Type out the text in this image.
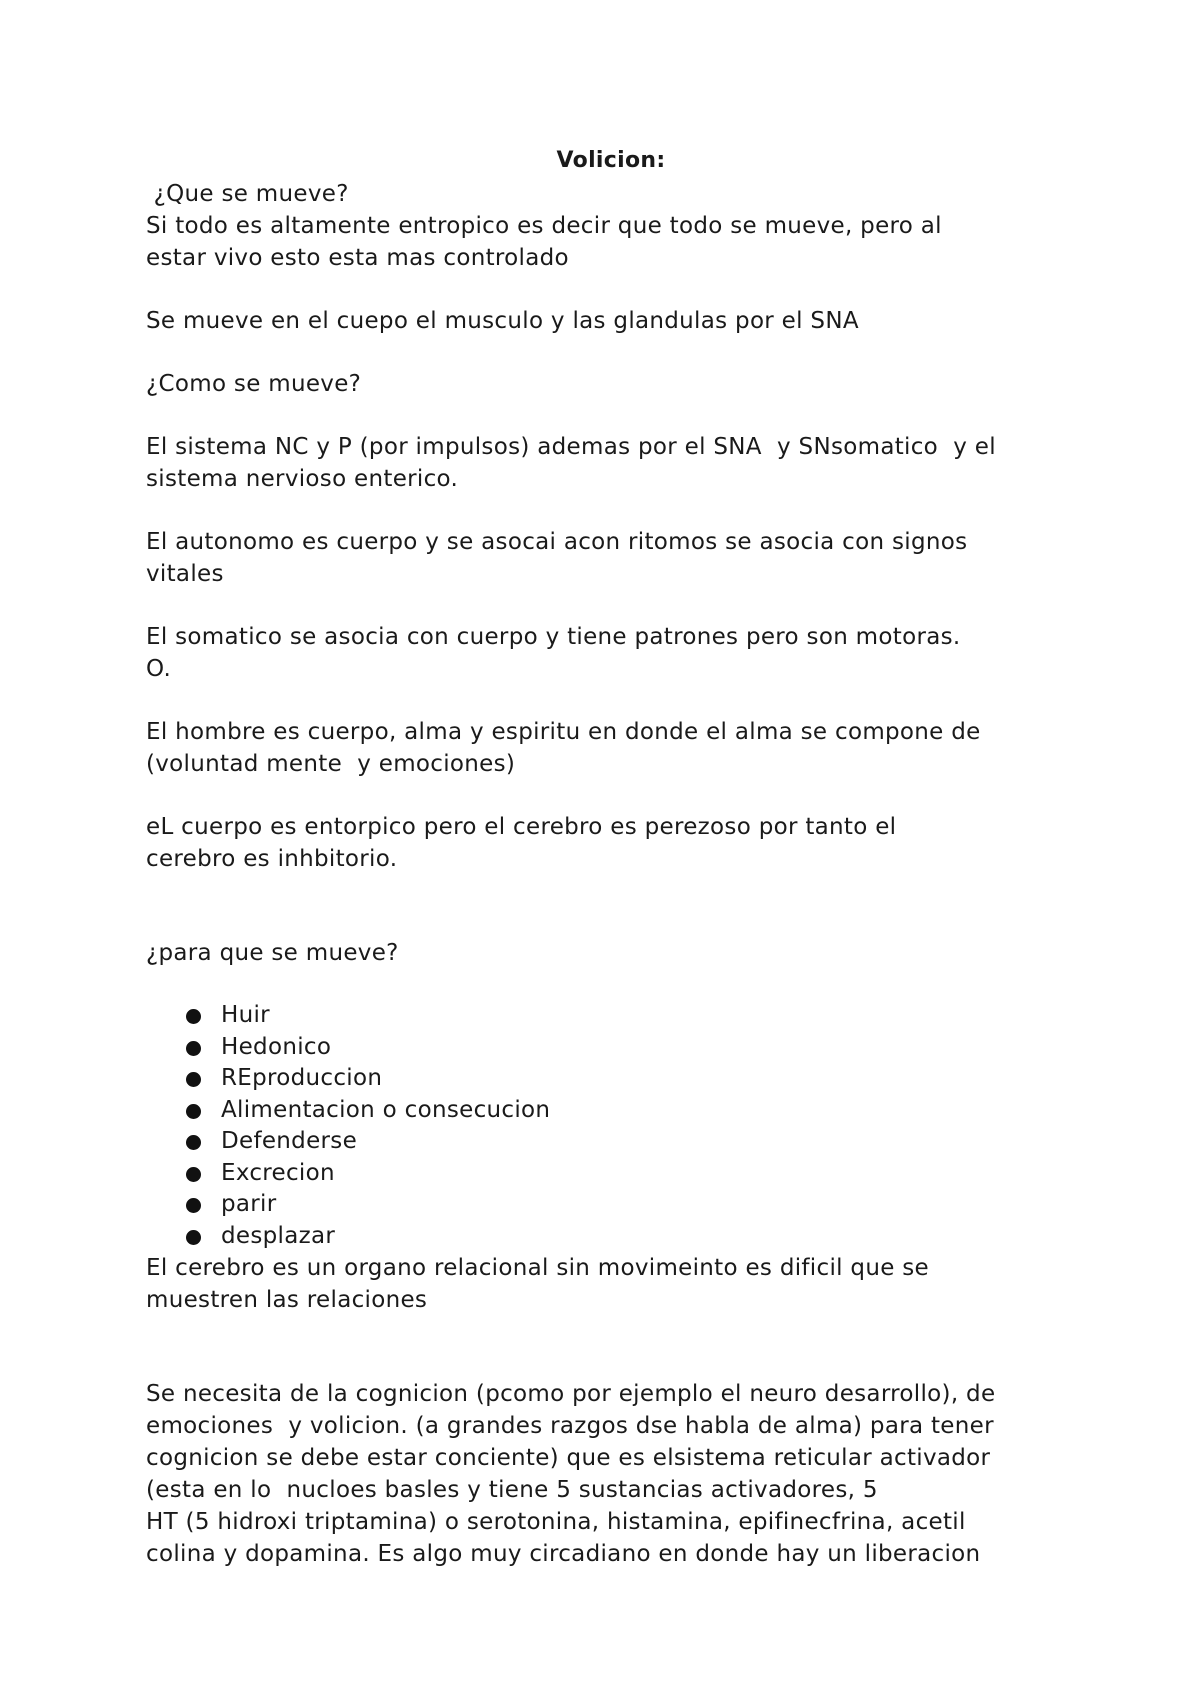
Volicion:
¿Que se mueve?
Si todo es altamente entropico es decir que todo se mueve, pero al
estar vivo esto esta mas controlado
Se mueve en el cuepo el musculo y las glandulas por el SNA
¿Como se mueve?
El sistema NC y P (por impulsos) ademas por el SNA  y SNsomatico  y el
sistema nervioso enterico.
El autonomo es cuerpo y se asocai acon ritomos se asocia con signos
vitales
El somatico se asocia con cuerpo y tiene patrones pero son motoras.
O.
El hombre es cuerpo, alma y espiritu en donde el alma se compone de
(voluntad mente  y emociones)
eL cuerpo es entorpico pero el cerebro es perezoso por tanto el
cerebro es inhbitorio.
¿para que se mueve?
Huir
Hedonico
REproduccion
Alimentacion o consecucion
Defenderse
Excrecion
parir
desplazar
El cerebro es un organo relacional sin movimeinto es dificil que se
muestren las relaciones
Se necesita de la cognicion (pcomo por ejemplo el neuro desarrollo), de
emociones  y volicion. (a grandes razgos dse habla de alma) para tener
cognicion se debe estar conciente) que es elsistema reticular activador
(esta en lo  nucloes basles y tiene 5 sustancias activadores, 5
HT (5 hidroxi triptamina) o serotonina, histamina, epifinecfrina, acetil
colina y dopamina. Es algo muy circadiano en donde hay un liberacion
